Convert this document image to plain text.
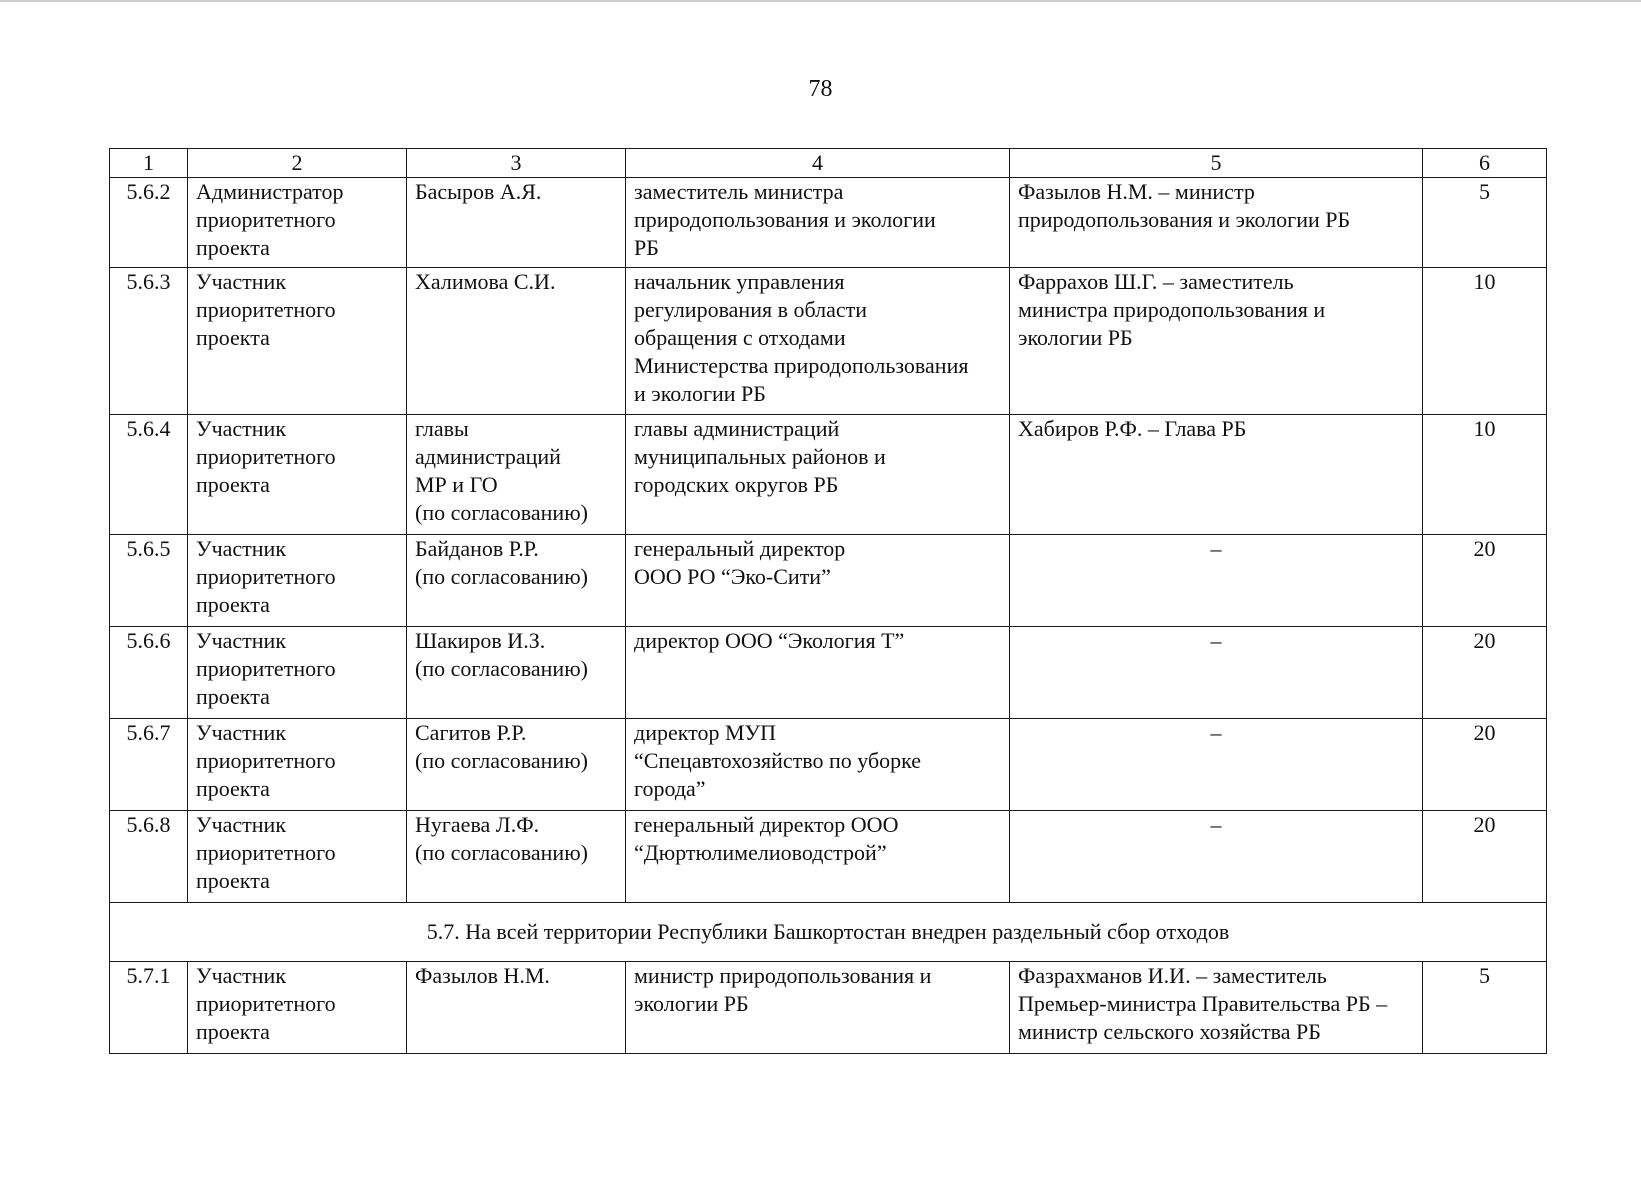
78
1	2	3	4	5	6
5.6.2	Администратор
приоритетного
проекта	Басыров А.Я.	заместитель министра
природопользования и экологии
РБ	Фазылов Н.М. – министр
природопользования и экологии РБ	5
5.6.3	Участник
приоритетного
проекта	Халимова С.И.	начальник управления
регулирования в области
обращения с отходами
Министерства природопользования
и экологии РБ	Фаррахов Ш.Г. – заместитель
министра природопользования и
экологии РБ	10
5.6.4	Участник
приоритетного
проекта	главы
администраций
МР и ГО
(по согласованию)	главы администраций
муниципальных районов и
городских округов РБ	Хабиров Р.Ф. – Глава РБ	10
5.6.5	Участник
приоритетного
проекта	Байданов Р.Р.
(по согласованию)	генеральный директор
ООО РО “Эко-Сити”	–	20
5.6.6	Участник
приоритетного
проекта	Шакиров И.З.
(по согласованию)	директор ООО “Экология Т”	–	20
5.6.7	Участник
приоритетного
проекта	Сагитов Р.Р.
(по согласованию)	директор МУП
“Спецавтохозяйство по уборке
города”	–	20
5.6.8	Участник
приоритетного
проекта	Нугаева Л.Ф.
(по согласованию)	генеральный директор ООО
“Дюртюлимелиоводстрой”	–	20
5.7. На всей территории Республики Башкортостан внедрен раздельный сбор отходов					
5.7.1	Участник
приоритетного
проекта	Фазылов Н.М.	министр природопользования и
экологии РБ	Фазрахманов И.И. – заместитель
Премьер-министра Правительства РБ –
министр сельского хозяйства РБ	5
